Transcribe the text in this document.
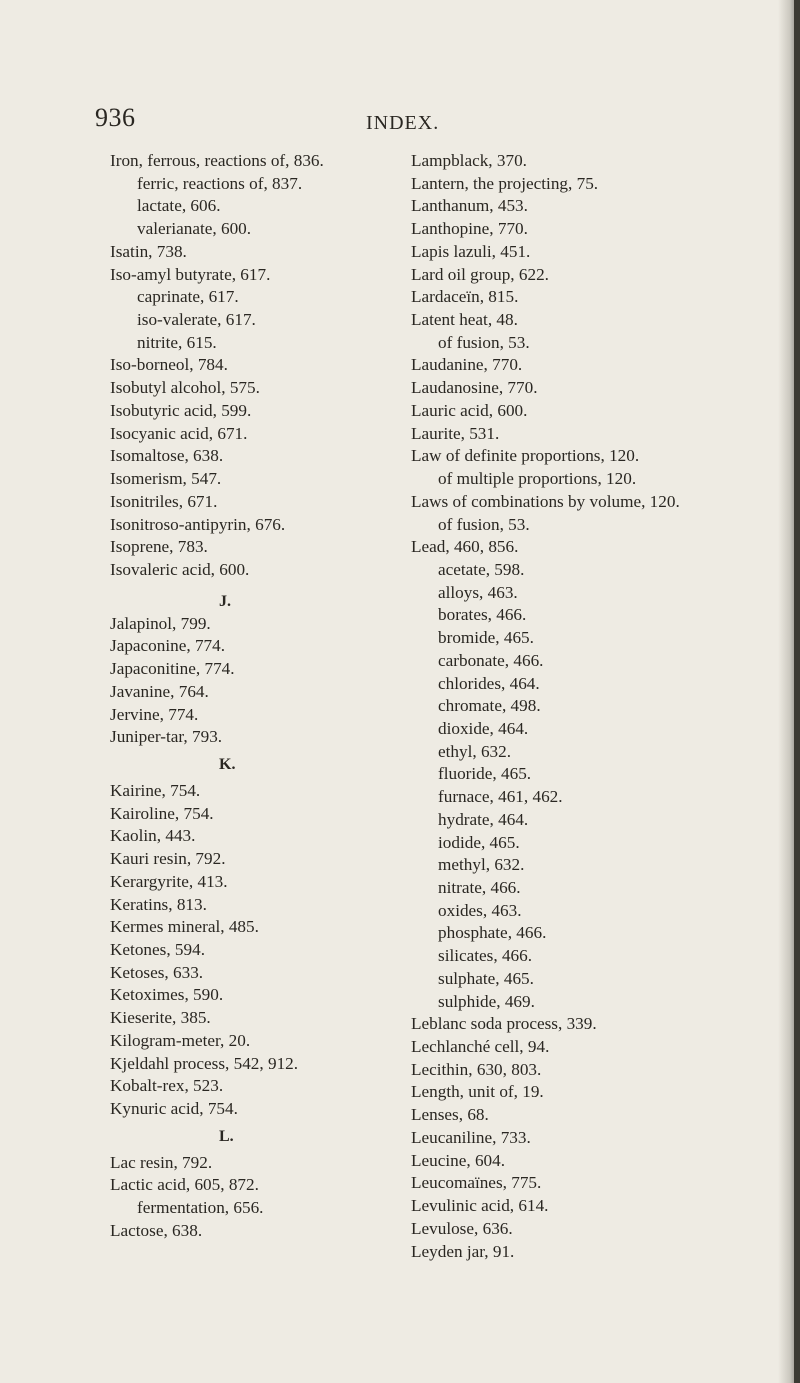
936	INDEX.
Iron, ferrous, reactions of, 836.
ferric, reactions of, 837.
lactate, 606.
valerianate, 600.
Isatin, 738.
Iso-amyl butyrate, 617.
caprinate, 617.
iso-valerate, 617.
nitrite, 615.
Iso-borneol, 784.
Isobutyl alcohol, 575.
Isobutyric acid, 599.
Isocyanic acid, 671.
Isomaltose, 638.
Isomerism, 547.
Isonitriles, 671.
Isonitroso-antipyrin, 676.
Isoprene, 783.
Isovaleric acid, 600.
J.
Jalapinol, 799.
Japaconine, 774.
Japaconitine, 774.
Javanine, 764.
Jervine, 774.
Juniper-tar, 793.
K.
Kairine, 754.
Kairoline, 754.
Kaolin, 443.
Kauri resin, 792.
Kerargyrite, 413.
Keratins, 813.
Kermes mineral, 485.
Ketones, 594.
Ketoses, 633.
Ketoximes, 590.
Kieserite, 385.
Kilogram-meter, 20.
Kjeldahl process, 542, 912.
Kobalt-rex, 523.
Kynuric acid, 754.
L.
Lac resin, 792.
Lactic acid, 605, 872.
fermentation, 656.
Lactose, 638.
Lampblack, 370.
Lantern, the projecting, 75.
Lanthanum, 453.
Lanthopine, 770.
Lapis lazuli, 451.
Lard oil group, 622.
Lardaceïn, 815.
Latent heat, 48.
of fusion, 53.
Laudanine, 770.
Laudanosine, 770.
Lauric acid, 600.
Laurite, 531.
Law of definite proportions, 120.
of multiple proportions, 120.
Laws of combinations by volume, 120.
of fusion, 53.
Lead, 460, 856.
acetate, 598.
alloys, 463.
borates, 466.
bromide, 465.
carbonate, 466.
chlorides, 464.
chromate, 498.
dioxide, 464.
ethyl, 632.
fluoride, 465.
furnace, 461, 462.
hydrate, 464.
iodide, 465.
methyl, 632.
nitrate, 466.
oxides, 463.
phosphate, 466.
silicates, 466.
sulphate, 465.
sulphide, 469.
Leblanc soda process, 339.
Lechlanché cell, 94.
Lecithin, 630, 803.
Length, unit of, 19.
Lenses, 68.
Leucaniline, 733.
Leucine, 604.
Leucomaïnes, 775.
Levulinic acid, 614.
Levulose, 636.
Leyden jar, 91.
